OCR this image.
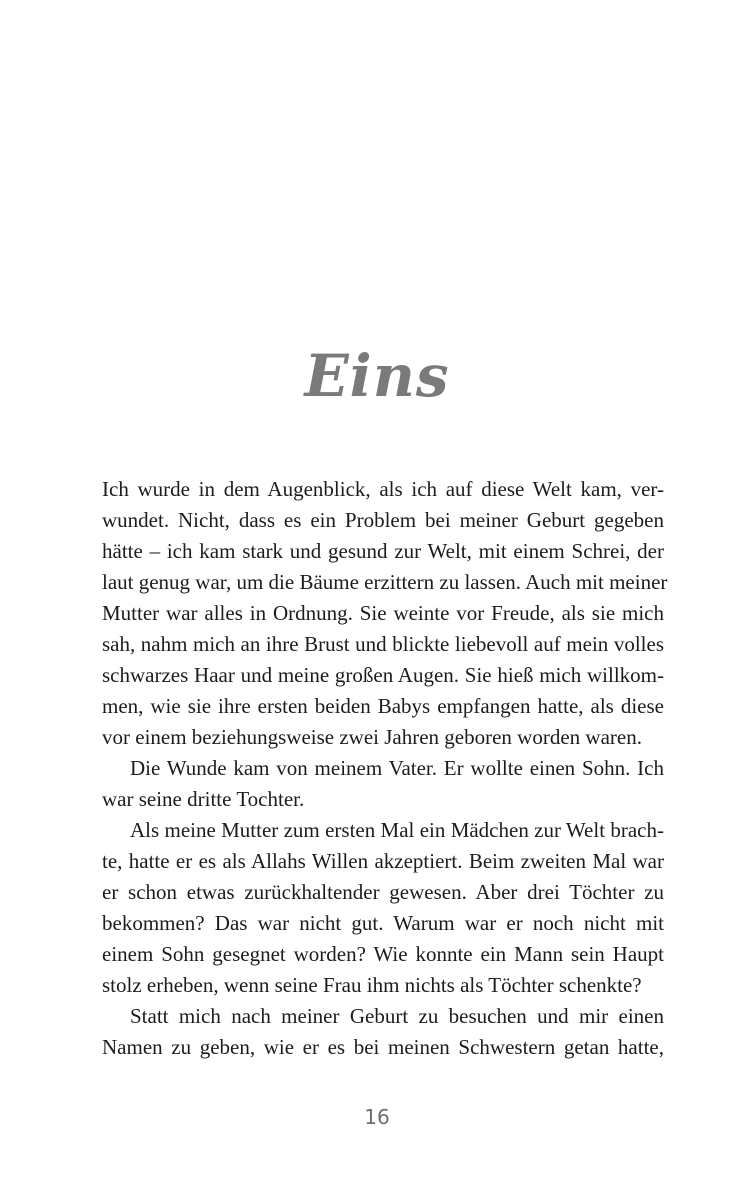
Eins
Ich wurde in dem Augenblick, als ich auf diese Welt kam, ver-
wundet. Nicht, dass es ein Problem bei meiner Geburt gegeben
hätte – ich kam stark und gesund zur Welt, mit einem Schrei, der
laut genug war, um die Bäume erzittern zu lassen. Auch mit meiner
Mutter war alles in Ordnung. Sie weinte vor Freude, als sie mich
sah, nahm mich an ihre Brust und blickte liebevoll auf mein volles
schwarzes Haar und meine großen Augen. Sie hieß mich willkom-
men, wie sie ihre ersten beiden Babys empfangen hatte, als diese
vor einem beziehungsweise zwei Jahren geboren worden waren.
Die Wunde kam von meinem Vater. Er wollte einen Sohn. Ich
war seine dritte Tochter.
Als meine Mutter zum ersten Mal ein Mädchen zur Welt brach-
te, hatte er es als Allahs Willen akzeptiert. Beim zweiten Mal war
er schon etwas zurückhaltender gewesen. Aber drei Töchter zu
bekommen? Das war nicht gut. Warum war er noch nicht mit
einem Sohn gesegnet worden? Wie konnte ein Mann sein Haupt
stolz erheben, wenn seine Frau ihm nichts als Töchter schenkte?
Statt mich nach meiner Geburt zu besuchen und mir einen
Namen zu geben, wie er es bei meinen Schwestern getan hatte,
16
